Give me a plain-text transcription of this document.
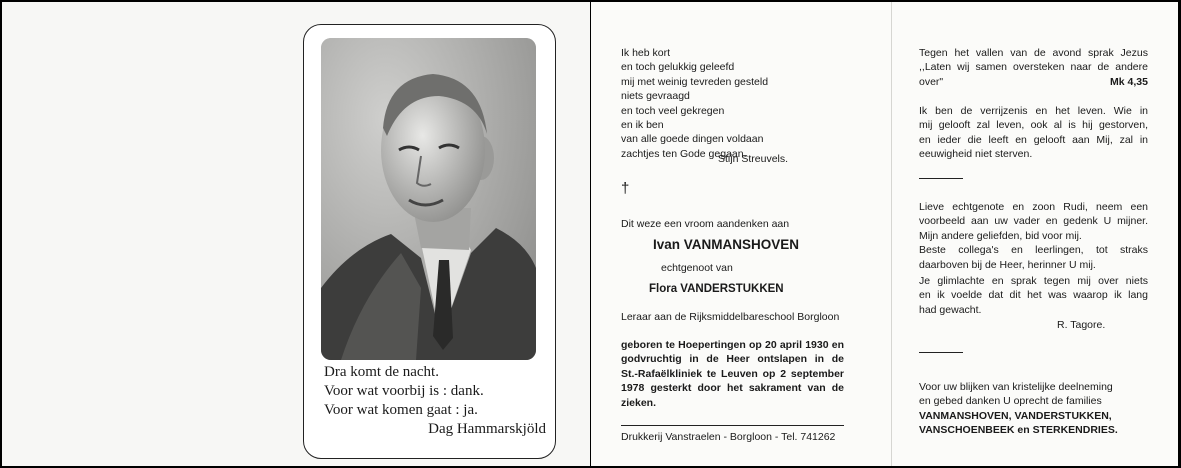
Dra komt de nacht.
Voor wat voorbij is : dank.
Voor wat komen gaat : ja.
Dag Hammarskjöld
Ik heb kort
en toch gelukkig geleefd
mij met weinig tevreden gesteld
niets gevraagd
en toch veel gekregen
en ik ben
van alle goede dingen voldaan
zachtjes ten Gode gegaan.
Stijn Streuvels.
†
Dit weze een vroom aandenken aan
Ivan VANMANSHOVEN
echtgenoot van
Flora VANDERSTUKKEN
Leraar aan de Rijksmiddelbareschool Borgloon
geboren te Hoepertingen op 20 april 1930 en
godvruchtig in de Heer ontslapen in de
St.-Rafaëlkliniek te Leuven op 2 september
1978 gesterkt door het sakrament van de
zieken.
Drukkerij Vanstraelen - Borgloon - Tel. 741262
Tegen het vallen van de avond sprak Jezus
,,Laten wij samen oversteken naar de andere
over"	Mk 4,35
Ik ben de verrijzenis en het leven. Wie in
mij gelooft zal leven, ook al is hij gestorven,
en ieder die leeft en gelooft aan Mij, zal in
eeuwigheid niet sterven.
Lieve echtgenote en zoon Rudi, neem een
voorbeeld aan uw vader en gedenk U mijner.
Mijn andere geliefden, bid voor mij.
Beste collega's en leerlingen, tot straks
daarboven bij de Heer, herinner U mij.
Je glimlachte en sprak tegen mij over niets
en ik voelde dat dit het was waarop ik lang
had gewacht.
R. Tagore.
Voor uw blijken van kristelijke deelneming
en gebed danken U oprecht de families
VANMANSHOVEN, VANDERSTUKKEN,
VANSCHOENBEEK en STERKENDRIES.
